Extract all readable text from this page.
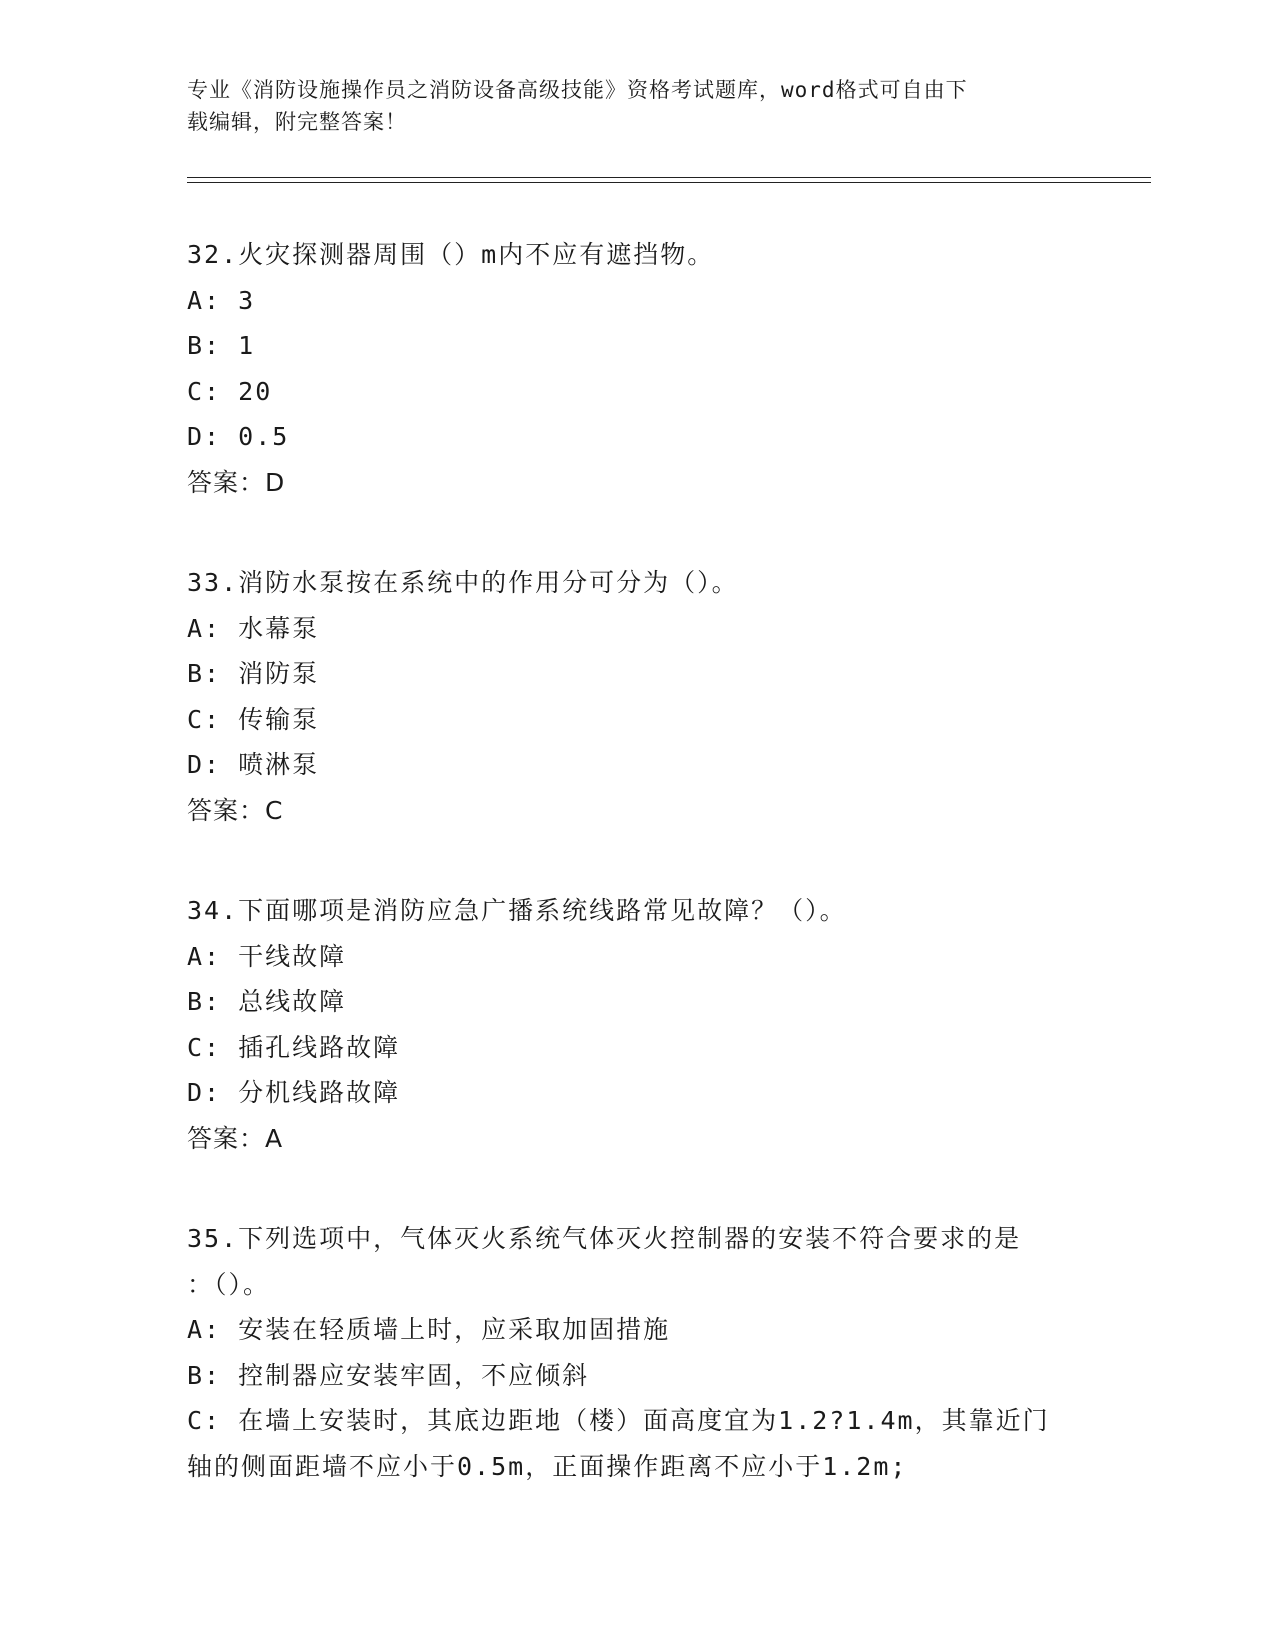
专业《消防设施操作员之消防设备高级技能》资格考试题库，word格式可自由下
载编辑，附完整答案！
32.火灾探测器周围（）m内不应有遮挡物。
A: 3
B: 1
C: 20
D: 0.5
答案：D
33.消防水泵按在系统中的作用分可分为（）。
A: 水幕泵
B: 消防泵
C: 传输泵
D: 喷淋泵
答案：C
34.下面哪项是消防应急广播系统线路常见故障？（）。
A: 干线故障
B: 总线故障
C: 插孔线路故障
D: 分机线路故障
答案：A
35.下列选项中，气体灭火系统气体灭火控制器的安装不符合要求的是
：（）。
A: 安装在轻质墙上时，应采取加固措施
B: 控制器应安装牢固，不应倾斜
C: 在墙上安装时，其底边距地（楼）面高度宜为1.2?1.4m，其靠近门
轴的侧面距墙不应小于0.5m，正面操作距离不应小于1.2m;
